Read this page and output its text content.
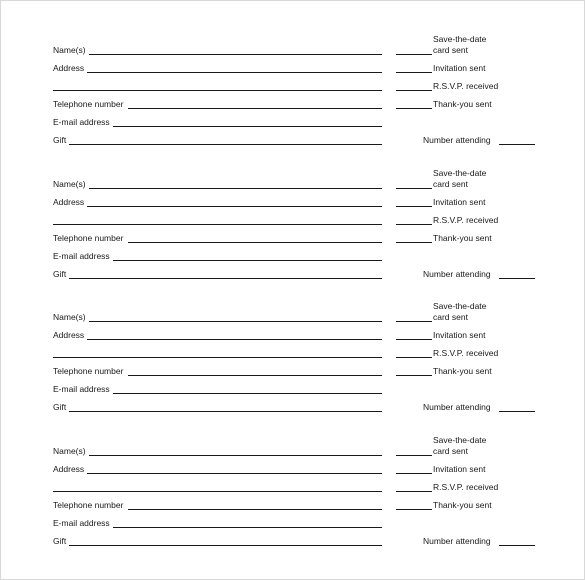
Name(s)
Address
Telephone number
E-mail address
Gift
Save-the-date
card sent
Invitation sent
R.S.V.P. received
Thank-you sent
Number attending
Name(s)
Address
Telephone number
E-mail address
Gift
Save-the-date
card sent
Invitation sent
R.S.V.P. received
Thank-you sent
Number attending
Name(s)
Address
Telephone number
E-mail address
Gift
Save-the-date
card sent
Invitation sent
R.S.V.P. received
Thank-you sent
Number attending
Name(s)
Address
Telephone number
E-mail address
Gift
Save-the-date
card sent
Invitation sent
R.S.V.P. received
Thank-you sent
Number attending
